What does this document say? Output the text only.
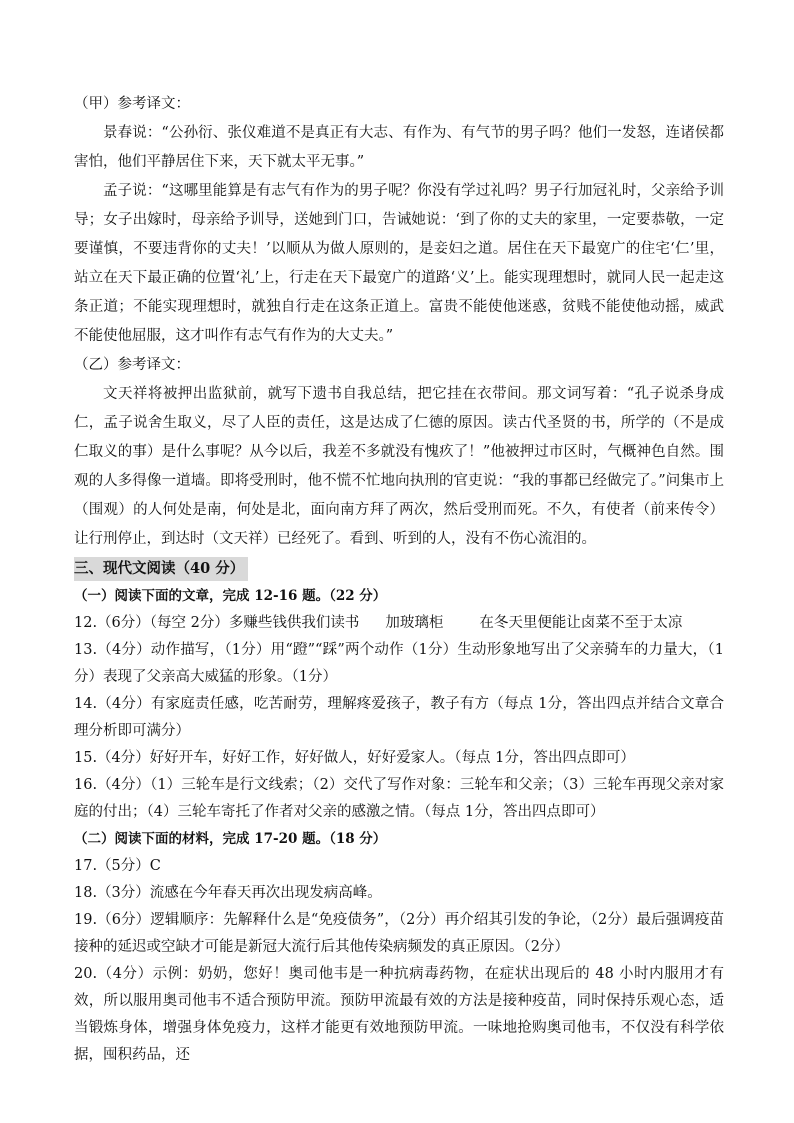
（甲）参考译文：

景春说：“公孙衍、张仪难道不是真正有大志、有作为、有气节的男子吗？他们一发怒，连诸侯都害怕，他们平静居住下来，天下就太平无事。”

孟子说：“这哪里能算是有志气有作为的男子呢？你没有学过礼吗？男子行加冠礼时，父亲给予训导；女子出嫁时，母亲给予训导，送她到门口，告诫她说：‘到了你的丈夫的家里，一定要恭敬，一定要谨慎，不要违背你的丈夫！’以顺从为做人原则的，是妾妇之道。居住在天下最宽广的住宅‘仁’里，站立在天下最正确的位置‘礼’上，行走在天下最宽广的道路‘义’上。能实现理想时，就同人民一起走这条正道；不能实现理想时，就独自行走在这条正道上。富贵不能使他迷惑，贫贱不能使他动摇，威武不能使他屈服，这才叫作有志气有作为的大丈夫。”

（乙）参考译文：

文天祥将被押出监狱前，就写下遗书自我总结，把它挂在衣带间。那文词写着：“孔子说杀身成仁，孟子说舍生取义，尽了人臣的责任，这是达成了仁德的原因。读古代圣贤的书，所学的（不是成仁取义的事）是什么事呢？从今以后，我差不多就没有愧疚了！”他被押过市区时，气概神色自然。围观的人多得像一道墙。即将受刑时，他不慌不忙地向执刑的官吏说：“我的事都已经做完了。”问集市上（围观）的人何处是南，何处是北，面向南方拜了两次，然后受刑而死。不久，有使者（前来传令）让行刑停止，到达时（文天祥）已经死了。看到、听到的人，没有不伤心流泪的。

三、现代文阅读（40 分）

（一）阅读下面的文章，完成 12-16 题。（22 分）

12.（6分）（每空 2分）多赚些钱供我们读书 加玻璃柜 在冬天里便能让卤菜不至于太凉

13.（4分）动作描写，（1分）用“蹬”“踩”两个动作（1分）生动形象地写出了父亲骑车的力量大，（1分）表现了父亲高大威猛的形象。（1分）

14.（4分）有家庭责任感，吃苦耐劳，理解疼爱孩子，教子有方（每点 1分，答出四点并结合文章合理分析即可满分）

15.（4分）好好开车，好好工作，好好做人，好好爱家人。（每点 1分，答出四点即可）

16.（4分）（1）三轮车是行文线索；（2）交代了写作对象：三轮车和父亲；（3）三轮车再现父亲对家庭的付出；（4）三轮车寄托了作者对父亲的感激之情。（每点 1分，答出四点即可）

（二）阅读下面的材料，完成 17-20 题。（18 分）

17.（5分）C

18.（3分）流感在今年春天再次出现发病高峰。

19.（6分）逻辑顺序：先解释什么是“免疫债务”，（2分）再介绍其引发的争论，（2分）最后强调疫苗接种的延迟或空缺才可能是新冠大流行后其他传染病频发的真正原因。（2分）

20.（4分）示例：奶奶，您好！奥司他韦是一种抗病毒药物，在症状出现后的 48 小时内服用才有效，所以服用奥司他韦不适合预防甲流。预防甲流最有效的方法是接种疫苗，同时保持乐观心态，适当锻炼身体，增强身体免疫力，这样才能更有效地预防甲流。一味地抢购奥司他韦，不仅没有科学依据，囤积药品，还
